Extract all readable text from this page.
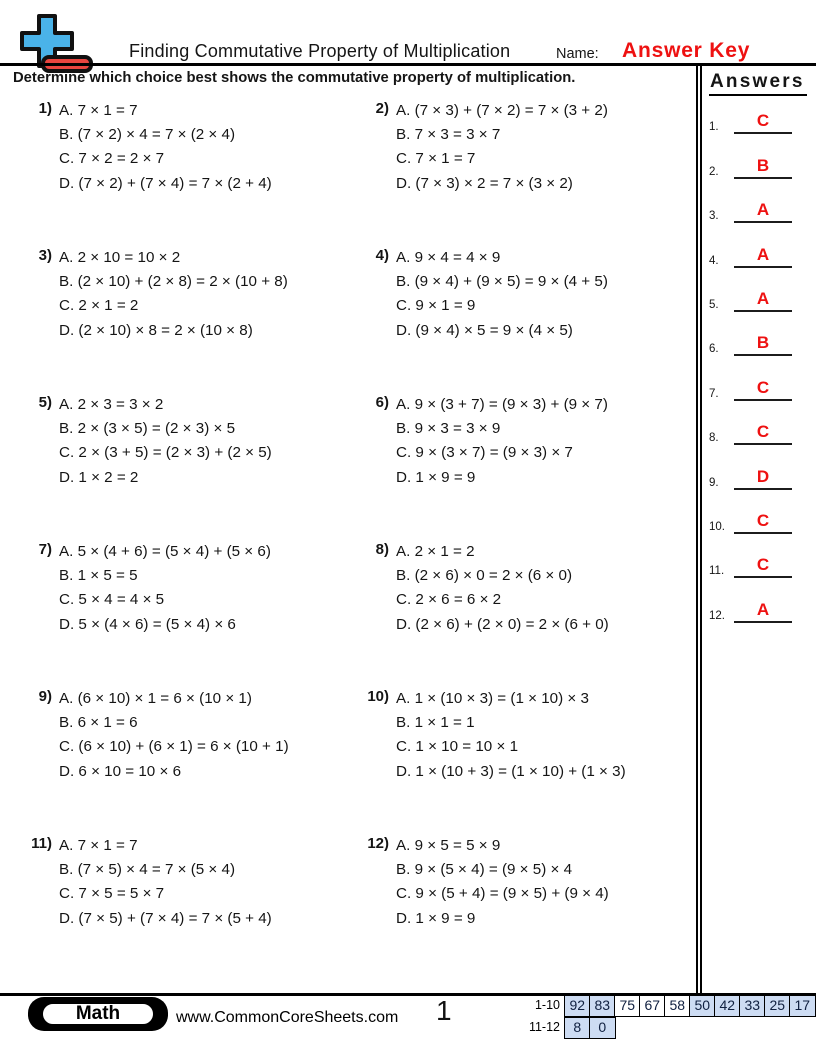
Finding Commutative Property of Multiplication	Name: Answer Key
Determine which choice best shows the commutative property of multiplication.
1) A. 7 × 1 = 7
B. (7 × 2) × 4 = 7 × (2 × 4)
C. 7 × 2 = 2 × 7
D. (7 × 2) + (7 × 4) = 7 × (2 + 4)
2) A. (7 × 3) + (7 × 2) = 7 × (3 + 2)
B. 7 × 3 = 3 × 7
C. 7 × 1 = 7
D. (7 × 3) × 2 = 7 × (3 × 2)
3) A. 2 × 10 = 10 × 2
B. (2 × 10) + (2 × 8) = 2 × (10 + 8)
C. 2 × 1 = 2
D. (2 × 10) × 8 = 2 × (10 × 8)
4) A. 9 × 4 = 4 × 9
B. (9 × 4) + (9 × 5) = 9 × (4 + 5)
C. 9 × 1 = 9
D. (9 × 4) × 5 = 9 × (4 × 5)
5) A. 2 × 3 = 3 × 2
B. 2 × (3 × 5) = (2 × 3) × 5
C. 2 × (3 + 5) = (2 × 3) + (2 × 5)
D. 1 × 2 = 2
6) A. 9 × (3 + 7) = (9 × 3) + (9 × 7)
B. 9 × 3 = 3 × 9
C. 9 × (3 × 7) = (9 × 3) × 7
D. 1 × 9 = 9
7) A. 5 × (4 + 6) = (5 × 4) + (5 × 6)
B. 1 × 5 = 5
C. 5 × 4 = 4 × 5
D. 5 × (4 × 6) = (5 × 4) × 6
8) A. 2 × 1 = 2
B. (2 × 6) × 0 = 2 × (6 × 0)
C. 2 × 6 = 6 × 2
D. (2 × 6) + (2 × 0) = 2 × (6 + 0)
9) A. (6 × 10) × 1 = 6 × (10 × 1)
B. 6 × 1 = 6
C. (6 × 10) + (6 × 1) = 6 × (10 + 1)
D. 6 × 10 = 10 × 6
10) A. 1 × (10 × 3) = (1 × 10) × 3
B. 1 × 1 = 1
C. 1 × 10 = 10 × 1
D. 1 × (10 + 3) = (1 × 10) + (1 × 3)
11) A. 7 × 1 = 7
B. (7 × 5) × 4 = 7 × (5 × 4)
C. 7 × 5 = 5 × 7
D. (7 × 5) + (7 × 4) = 7 × (5 + 4)
12) A. 9 × 5 = 5 × 9
B. 9 × (5 × 4) = (9 × 5) × 4
C. 9 × (5 + 4) = (9 × 5) + (9 × 4)
D. 1 × 9 = 9
Answers
1.	C
2.	B
3.	A
4.	A
5.	A
6.	B
7.	C
8.	C
9.	D
10.	C
11.	C
12.	A
Math	www.CommonCoreSheets.com 1	1-10 92 83 75 67 58 50 42 33 25 17
11-12 8	0
